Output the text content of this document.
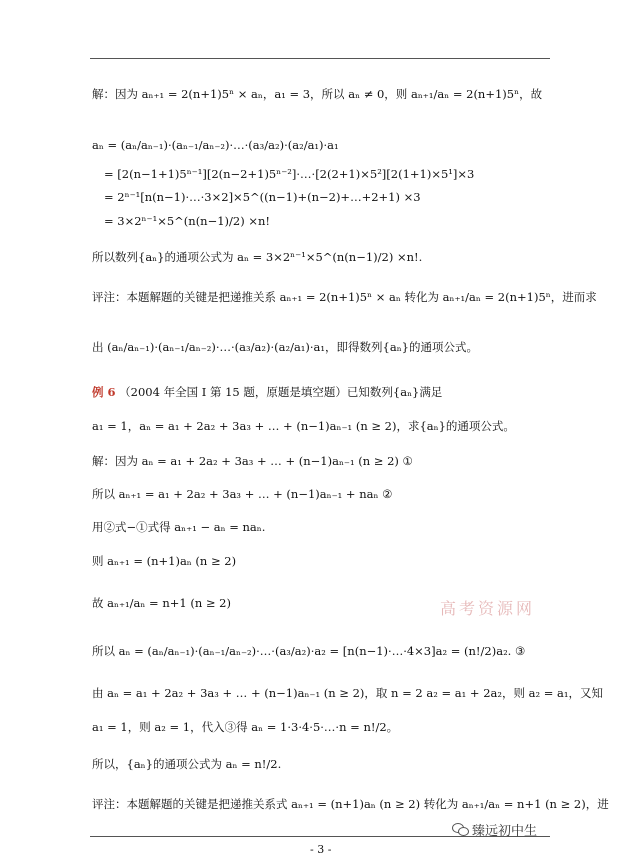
解：因为 aₙ₊₁ = 2(n+1)5ⁿ × aₙ，a₁ = 3，所以 aₙ ≠ 0，则 aₙ₊₁/aₙ = 2(n+1)5ⁿ，故
aₙ = (aₙ/aₙ₋₁)·(aₙ₋₁/aₙ₋₂)·…·(a₃/a₂)·(a₂/a₁)·a₁
= [2(n−1+1)5ⁿ⁻¹][2(n−2+1)5ⁿ⁻²]·…·[2(2+1)×5²][2(1+1)×5¹]×3
= 2ⁿ⁻¹[n(n−1)·…·3×2]×5^((n−1)+(n−2)+…+2+1) ×3
= 3×2ⁿ⁻¹×5^(n(n−1)/2) ×n!
所以数列{aₙ}的通项公式为 aₙ = 3×2ⁿ⁻¹×5^(n(n−1)/2) ×n!.
评注：本题解题的关键是把递推关系 aₙ₊₁ = 2(n+1)5ⁿ × aₙ 转化为 aₙ₊₁/aₙ = 2(n+1)5ⁿ，进而求
出 (aₙ/aₙ₋₁)·(aₙ₋₁/aₙ₋₂)·…·(a₃/a₂)·(a₂/a₁)·a₁，即得数列{aₙ}的通项公式。
例 6 （2004 年全国 I 第 15 题，原题是填空题）已知数列{aₙ}满足
a₁ = 1，aₙ = a₁ + 2a₂ + 3a₃ + … + (n−1)aₙ₋₁ (n ≥ 2)，求{aₙ}的通项公式。
解：因为 aₙ = a₁ + 2a₂ + 3a₃ + … + (n−1)aₙ₋₁ (n ≥ 2) ①
所以 aₙ₊₁ = a₁ + 2a₂ + 3a₃ + … + (n−1)aₙ₋₁ + naₙ ②
用②式−①式得 aₙ₊₁ − aₙ = naₙ.
则 aₙ₊₁ = (n+1)aₙ (n ≥ 2)
故 aₙ₊₁/aₙ = n+1 (n ≥ 2)
所以 aₙ = (aₙ/aₙ₋₁)·(aₙ₋₁/aₙ₋₂)·…·(a₃/a₂)·a₂ = [n(n−1)·…·4×3]a₂ = (n!/2)a₂. ③
由 aₙ = a₁ + 2a₂ + 3a₃ + … + (n−1)aₙ₋₁ (n ≥ 2)，取 n = 2 a₂ = a₁ + 2a₂，则 a₂ = a₁，又知
a₁ = 1，则 a₂ = 1，代入③得 aₙ = 1·3·4·5·…·n = n!/2。
所以，{aₙ}的通项公式为 aₙ = n!/2.
评注：本题解题的关键是把递推关系式 aₙ₊₁ = (n+1)aₙ (n ≥ 2) 转化为 aₙ₊₁/aₙ = n+1 (n ≥ 2)，进
高考资源网
臻远初中生
- 3 -
